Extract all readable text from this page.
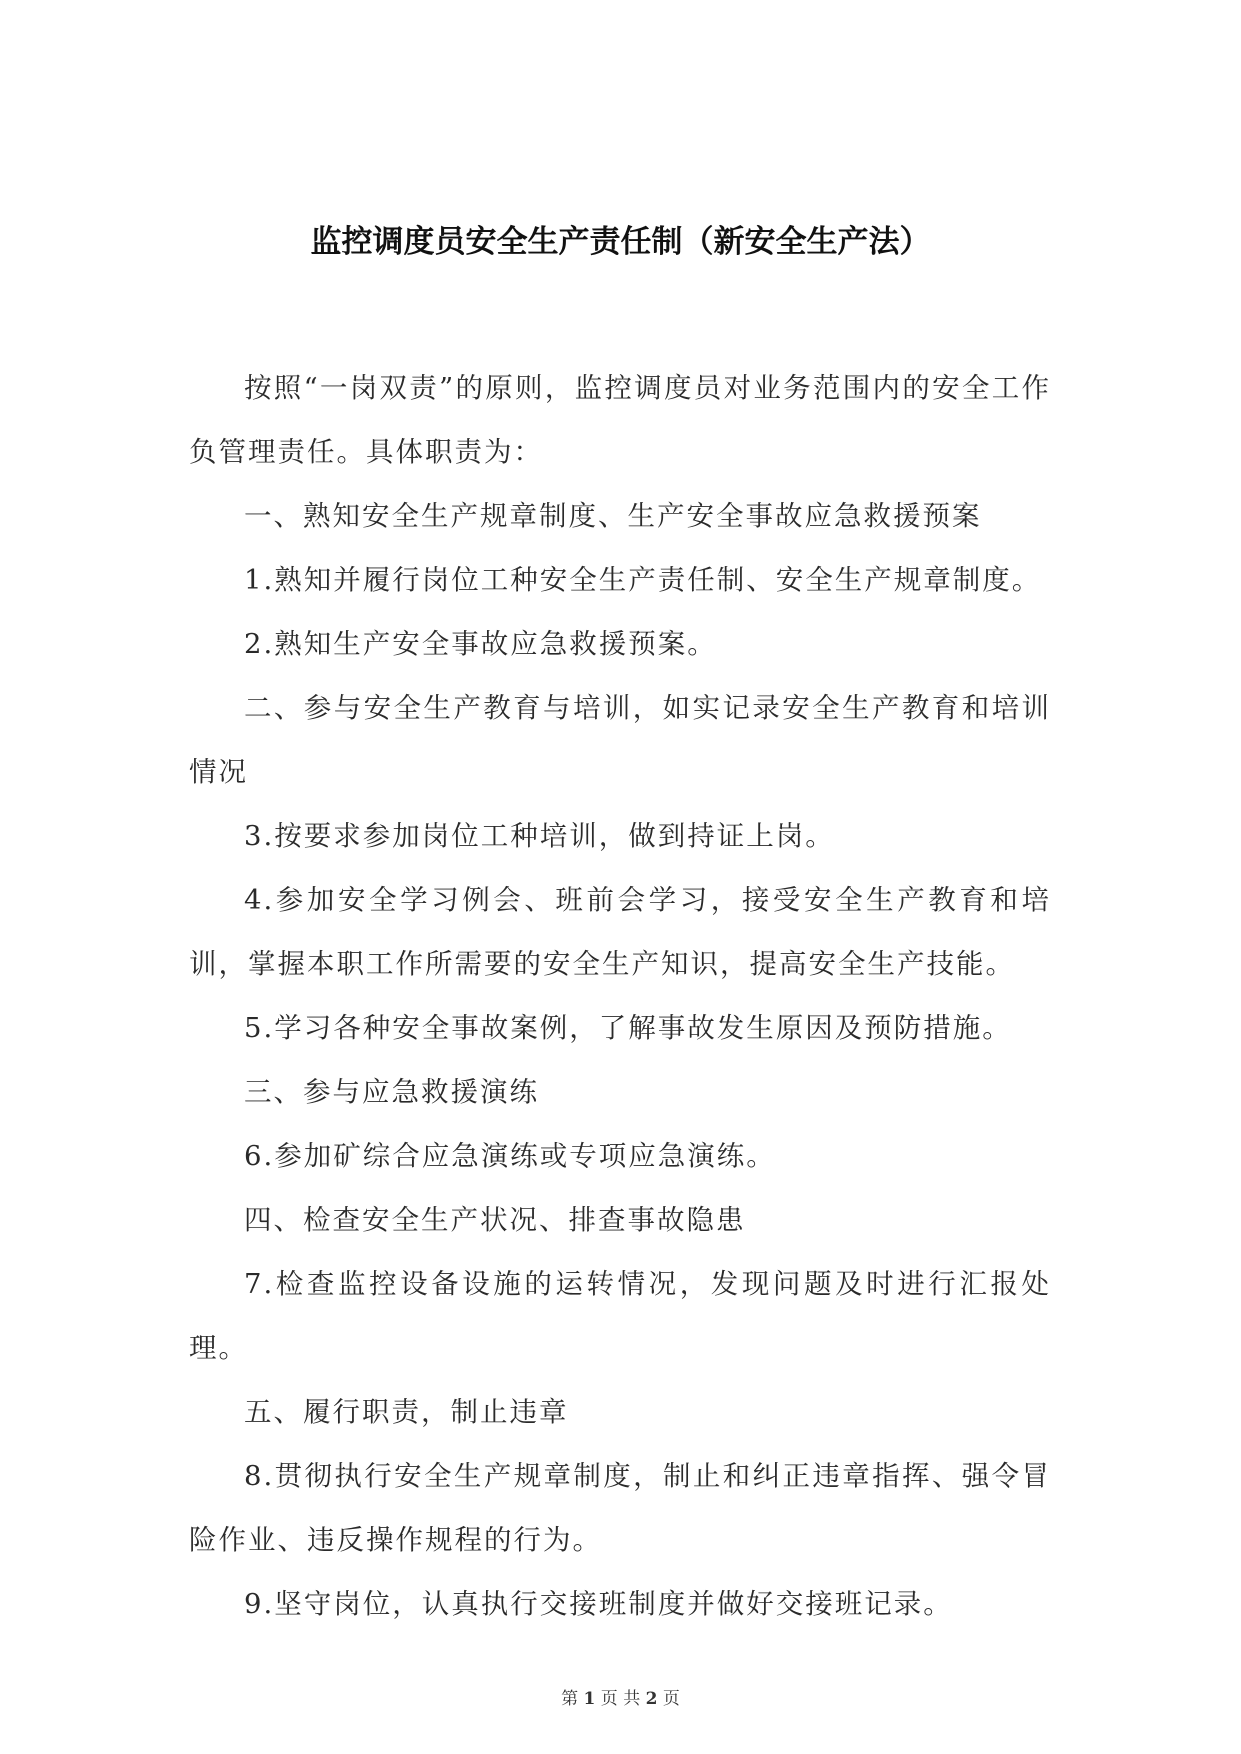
监控调度员安全生产责任制（新安全生产法）

按照“一岗双责”的原则，监控调度员对业务范围内的安全工作负管理责任。具体职责为：

一、熟知安全生产规章制度、生产安全事故应急救援预案

1.熟知并履行岗位工种安全生产责任制、安全生产规章制度。

2.熟知生产安全事故应急救援预案。

二、参与安全生产教育与培训，如实记录安全生产教育和培训情况

3.按要求参加岗位工种培训，做到持证上岗。

4.参加安全学习例会、班前会学习，接受安全生产教育和培训，掌握本职工作所需要的安全生产知识，提高安全生产技能。

5.学习各种安全事故案例，了解事故发生原因及预防措施。

三、参与应急救援演练

6.参加矿综合应急演练或专项应急演练。

四、检查安全生产状况、排查事故隐患

7.检查监控设备设施的运转情况，发现问题及时进行汇报处理。

五、履行职责，制止违章

8.贯彻执行安全生产规章制度，制止和纠正违章指挥、强令冒险作业、违反操作规程的行为。

9.坚守岗位，认真执行交接班制度并做好交接班记录。

第 1 页 共 2 页
